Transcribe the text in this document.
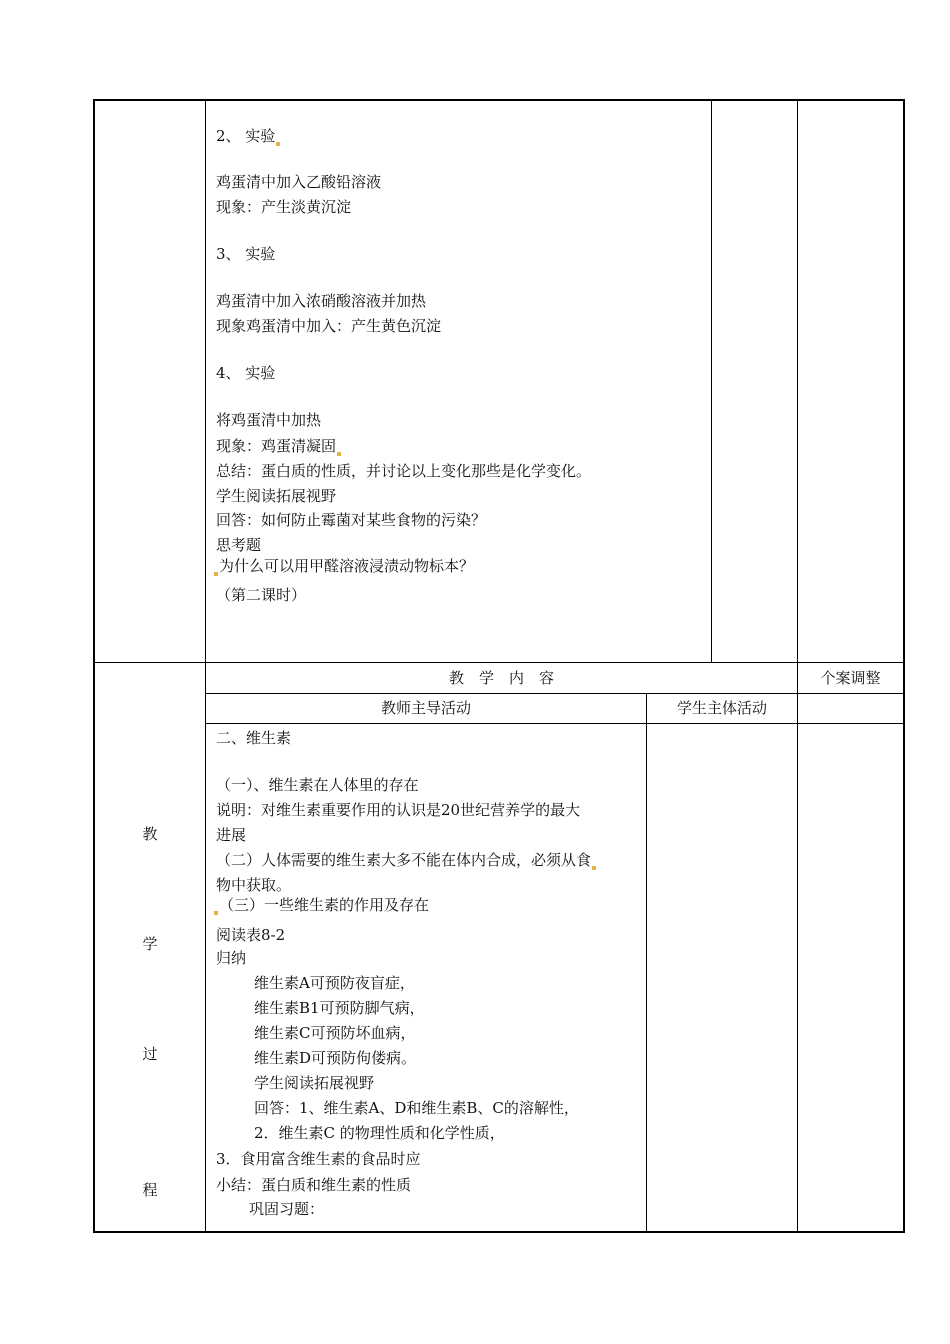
2、 实验
鸡蛋清中加入乙酸铅溶液
现象：产生淡黄沉淀
3、 实验
鸡蛋清中加入浓硝酸溶液并加热
现象鸡蛋清中加入：产生黄色沉淀
4、 实验
将鸡蛋清中加热
现象：鸡蛋清凝固
总结：蛋白质的性质，并讨论以上变化那些是化学变化。
学生阅读拓展视野
回答：如何防止霉菌对某些食物的污染？
思考题
为什么可以用甲醛溶液浸渍动物标本？
（第二课时）
教　学　内　容	个案调整
教师主导活动	学生主体活动
教
学
过
程
二、维生素
（一）、维生素在人体里的存在
说明：对维生素重要作用的认识是20世纪营养学的最大
进展
（二）人体需要的维生素大多不能在体内合成，必须从食
物中获取。
（三）一些维生素的作用及存在
阅读表8-2
归纳
维生素A可预防夜盲症，
维生素B1可预防脚气病，
维生素C可预防坏血病，
维生素D可预防佝偻病。
学生阅读拓展视野
回答：1、维生素A、D和维生素B、C的溶解性，
2．维生素C 的物理性质和化学性质，
3．食用富含维生素的食品时应
小结：蛋白质和维生素的性质
巩固习题：
